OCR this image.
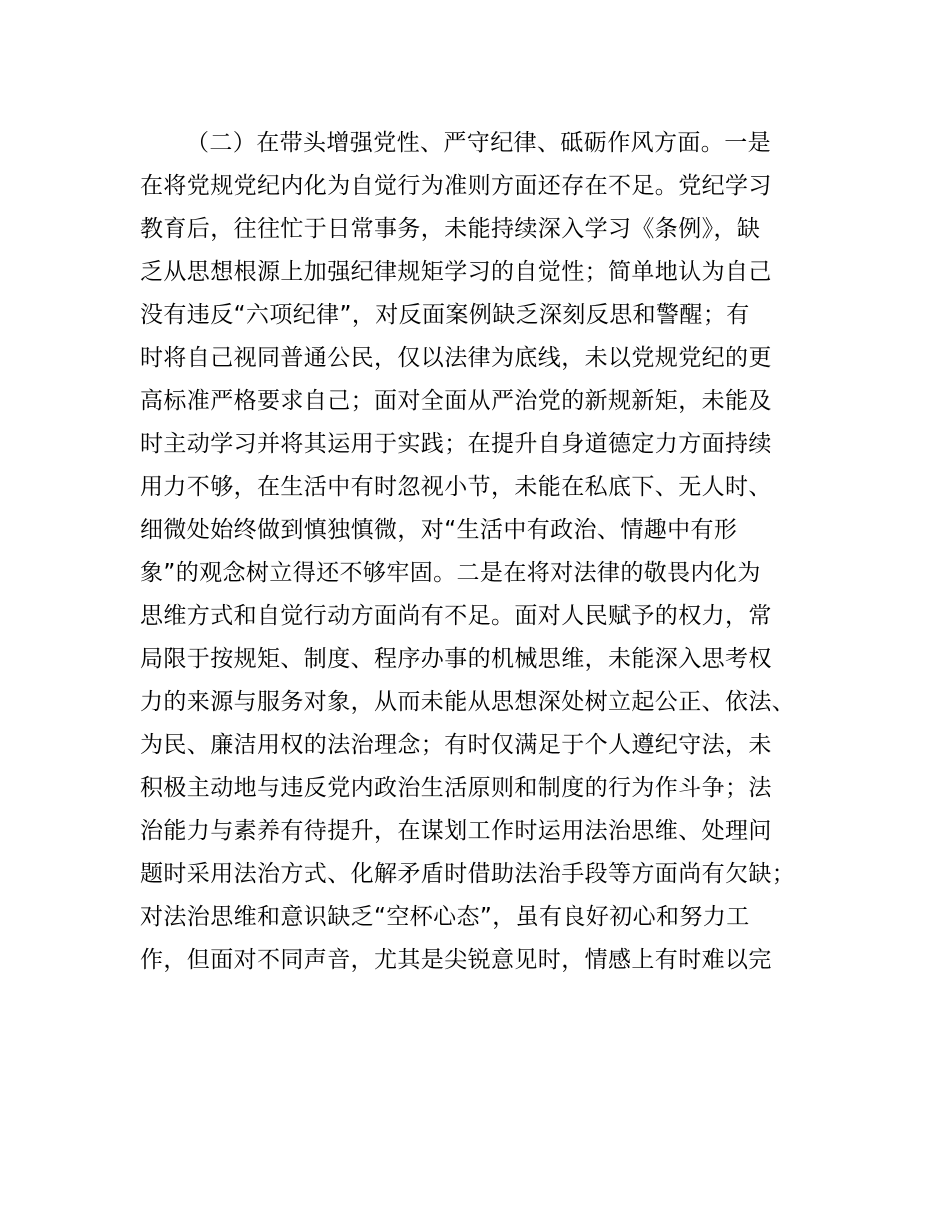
（二）在带头增强党性、严守纪律、砥砺作风方面。一是
在将党规党纪内化为自觉行为准则方面还存在不足。党纪学习
教育后，往往忙于日常事务，未能持续深入学习《条例》，缺
乏从思想根源上加强纪律规矩学习的自觉性；简单地认为自己
没有违反“六项纪律”，对反面案例缺乏深刻反思和警醒；有
时将自己视同普通公民，仅以法律为底线，未以党规党纪的更
高标准严格要求自己；面对全面从严治党的新规新矩，未能及
时主动学习并将其运用于实践；在提升自身道德定力方面持续
用力不够，在生活中有时忽视小节，未能在私底下、无人时、
细微处始终做到慎独慎微，对“生活中有政治、情趣中有形
象”的观念树立得还不够牢固。二是在将对法律的敬畏内化为
思维方式和自觉行动方面尚有不足。面对人民赋予的权力，常
局限于按规矩、制度、程序办事的机械思维，未能深入思考权
力的来源与服务对象，从而未能从思想深处树立起公正、依法、
为民、廉洁用权的法治理念；有时仅满足于个人遵纪守法，未
积极主动地与违反党内政治生活原则和制度的行为作斗争；法
治能力与素养有待提升，在谋划工作时运用法治思维、处理问
题时采用法治方式、化解矛盾时借助法治手段等方面尚有欠缺；
对法治思维和意识缺乏“空杯心态”，虽有良好初心和努力工
作，但面对不同声音，尤其是尖锐意见时，情感上有时难以完
